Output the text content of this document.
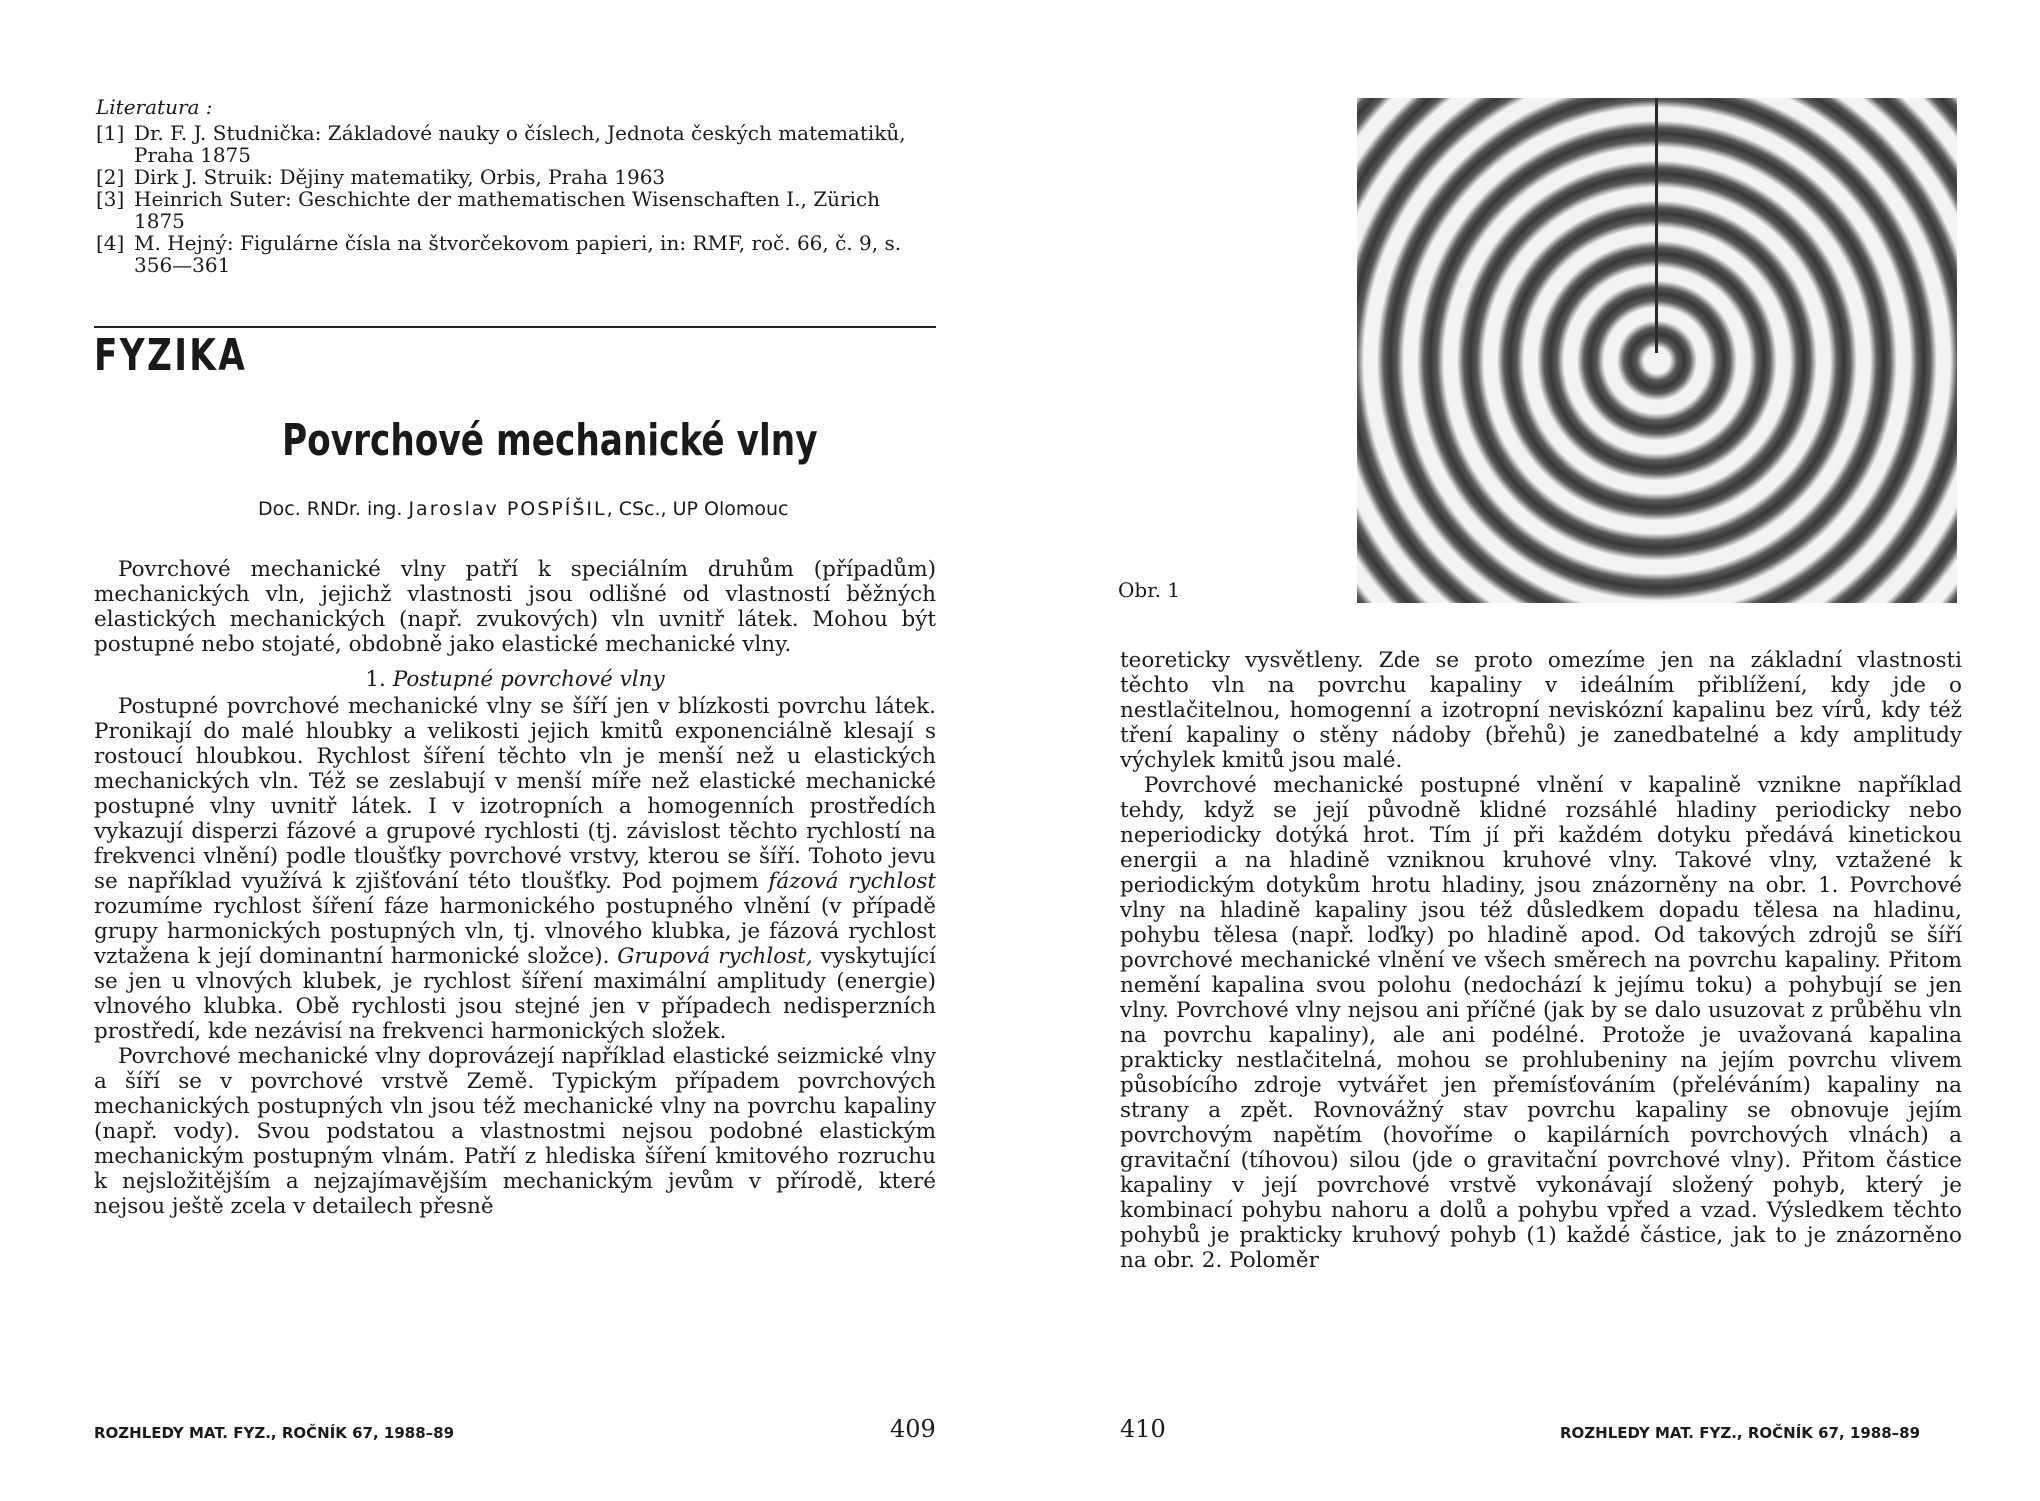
Literatura :
[1] Dr. F. J. Studnička: Základové nauky o číslech, Jednota českých matematiků, Praha 1875
[2] Dirk J. Struik: Dějiny matematiky, Orbis, Praha 1963
[3] Heinrich Suter: Geschichte der mathematischen Wisenschaften I., Zürich 1875
[4] M. Hejný: Figulárne čísla na štvorčekovom papieri, in: RMF, roč. 66, č. 9, s. 356—361
FYZIKA
Povrchové mechanické vlny
Doc. RNDr. ing. Jaroslav POSPÍŠIL, CSc., UP Olomouc

Povrchové mechanické vlny patří k speciálním druhům (případům) mechanických vln, jejichž vlastnosti jsou odlišné od vlastností běžných elastických mechanických (např. zvukových) vln uvnitř látek. Mohou být postupné nebo stojaté, obdobně jako elastické mechanické vlny.

1. Postupné povrchové vlny

Postupné povrchové mechanické vlny se šíří jen v blízkosti povrchu látek. Pronikají do malé hloubky a velikosti jejich kmitů exponenciálně klesají s rostoucí hloubkou. Rychlost šíření těchto vln je menší než u elastických mechanických vln. Též se zeslabují v menší míře než elastické mechanické postupné vlny uvnitř látek. I v izotropních a homogenních prostředích vykazují disperzi fázové a grupové rychlosti (tj. závislost těchto rychlostí na frekvenci vlnění) podle tloušťky povrchové vrstvy, kterou se šíří. Tohoto jevu se například využívá k zjišťování této tloušťky. Pod pojmem fázová rychlost rozumíme rychlost šíření fáze harmonického postupného vlnění (v případě grupy harmonických postupných vln, tj. vlnového klubka, je fázová rychlost vztažena k její dominantní harmonické složce). Grupová rychlost, vyskytující se jen u vlnových klubek, je rychlost šíření maximální amplitudy (energie) vlnového klubka. Obě rychlosti jsou stejné jen v případech nedisperzních prostředí, kde nezávisí na frekvenci harmonických složek.

Povrchové mechanické vlny doprovázejí například elastické seizmické vlny a šíří se v povrchové vrstvě Země. Typickým případem povrchových mechanických postupných vln jsou též mechanické vlny na povrchu kapaliny (např. vody). Svou podstatou a vlastnostmi nejsou podobné elastickým mechanickým postupným vlnám. Patří z hlediska šíření kmitového rozruchu k nejsložitějším a nejzajímavějším mechanickým jevům v přírodě, které nejsou ještě zcela v detailech přesně

ROZHLEDY MAT. FYZ., ROČNÍK 67, 1988–89	409
Obr. 1

teoreticky vysvětleny. Zde se proto omezíme jen na základní vlastnosti těchto vln na povrchu kapaliny v ideálním přiblížení, kdy jde o nestlačitelnou, homogenní a izotropní neviskózní kapalinu bez vírů, kdy též tření kapaliny o stěny nádoby (břehů) je zanedbatelné a kdy amplitudy výchylek kmitů jsou malé.

Povrchové mechanické postupné vlnění v kapalině vznikne například tehdy, když se její původně klidné rozsáhlé hladiny periodicky nebo neperiodicky dotýká hrot. Tím jí při každém dotyku předává kinetickou energii a na hladině vzniknou kruhové vlny. Takové vlny, vztažené k periodickým dotykům hrotu hladiny, jsou znázorněny na obr. 1. Povrchové vlny na hladině kapaliny jsou též důsledkem dopadu tělesa na hladinu, pohybu tělesa (např. loďky) po hladině apod. Od takových zdrojů se šíří povrchové mechanické vlnění ve všech směrech na povrchu kapaliny. Přitom nemění kapalina svou polohu (nedochází k jejímu toku) a pohybují se jen vlny. Povrchové vlny nejsou ani příčné (jak by se dalo usuzovat z průběhu vln na povrchu kapaliny), ale ani podélné. Protože je uvažovaná kapalina prakticky nestlačitelná, mohou se prohlubeniny na jejím povrchu vlivem působícího zdroje vytvářet jen přemísťováním (přeléváním) kapaliny na strany a zpět. Rovnovážný stav povrchu kapaliny se obnovuje jejím povrchovým napětím (hovoříme o kapilárních povrchových vlnách) a gravitační (tíhovou) silou (jde o gravitační povrchové vlny). Přitom částice kapaliny v její povrchové vrstvě vykonávají složený pohyb, který je kombinací pohybu nahoru a dolů a pohybu vpřed a vzad. Výsledkem těchto pohybů je prakticky kruhový pohyb (1) každé částice, jak to je znázorněno na obr. 2. Poloměr

410	ROZHLEDY MAT. FYZ., ROČNÍK 67, 1988–89
